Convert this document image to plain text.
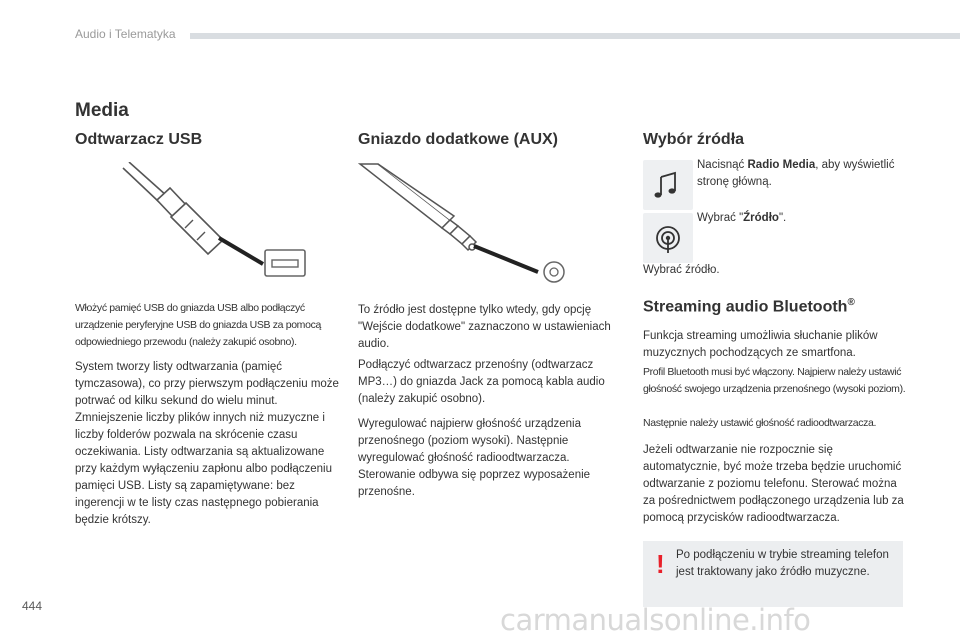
Audio i Telematyka
Media
Odtwarzacz USB

Włożyć pamięć USB do gniazda USB albo podłączyć urządzenie peryferyjne USB do gniazda USB za pomocą odpowiedniego przewodu (należy zakupić osobno).

System tworzy listy odtwarzania (pamięć tymczasowa), co przy pierwszym podłączeniu może potrwać od kilku sekund do wielu minut. Zmniejszenie liczby plików innych niż muzyczne i liczby folderów pozwala na skrócenie czasu oczekiwania. Listy odtwarzania są aktualizowane przy każdym wyłączeniu zapłonu albo podłączeniu pamięci USB. Listy są zapamiętywane: bez ingerencji w te listy czas następnego pobierania będzie krótszy.

Gniazdo dodatkowe (AUX)

To źródło jest dostępne tylko wtedy, gdy opcję "Wejście dodatkowe" zaznaczono w ustawieniach audio.

Podłączyć odtwarzacz przenośny (odtwarzacz MP3…) do gniazda Jack za pomocą kabla audio (należy zakupić osobno).

Wyregulować najpierw głośność urządzenia przenośnego (poziom wysoki). Następnie wyregulować głośność radioodtwarzacza. Sterowanie odbywa się poprzez wyposażenie przenośne.

Wybór źródła
Nacisnąć Radio Media, aby wyświetlić stronę główną.
Wybrać "Źródło".

Wybrać źródło.

Streaming audio Bluetooth®

Funkcja streaming umożliwia słuchanie plików muzycznych pochodzących ze smartfona.

Profil Bluetooth musi być włączony. Najpierw należy ustawić głośność swojego urządzenia przenośnego (wysoki poziom).

Następnie należy ustawić głośność radioodtwarzacza.

Jeżeli odtwarzanie nie rozpocznie się automatycznie, być może trzeba będzie uruchomić odtwarzanie z poziomu telefonu. Sterować można za pośrednictwem podłączonego urządzenia lub za pomocą przycisków radioodtwarzacza.

! Po podłączeniu w trybie streaming telefon jest traktowany jako źródło muzyczne.

444	carmanualsonline.info
